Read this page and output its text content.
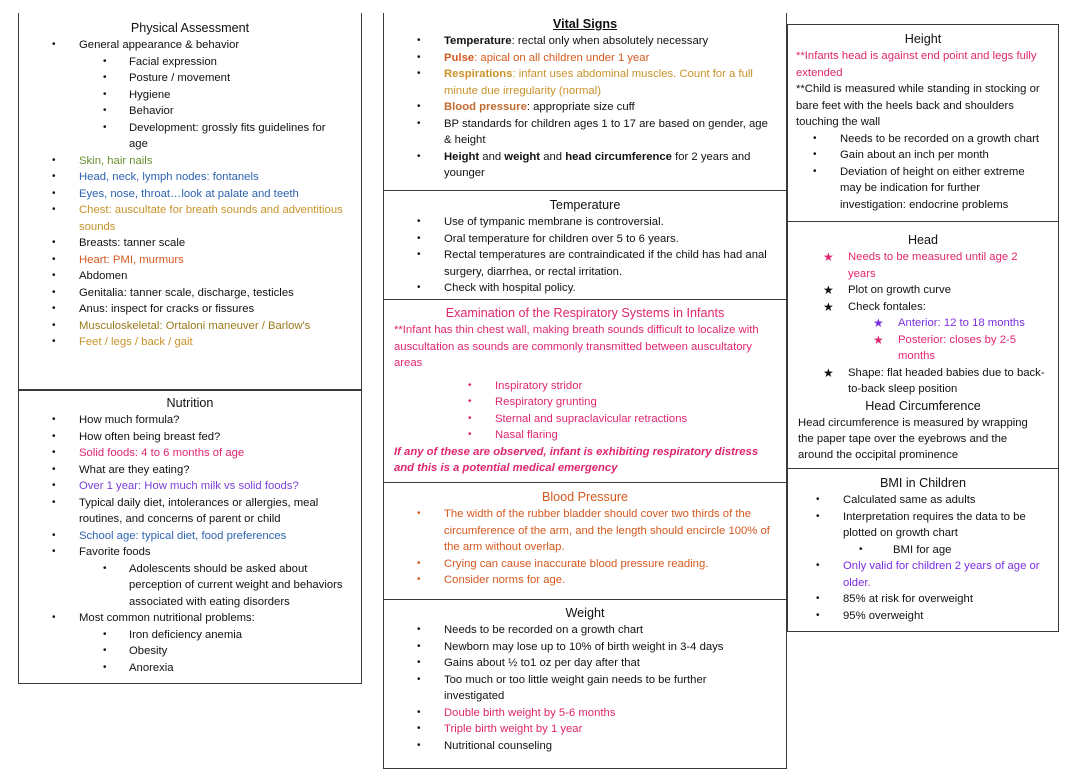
Physical Assessment
• General appearance & behavior
• Facial expression
• Posture / movement
• Hygiene
• Behavior
• Development: grossly fits guidelines for age
• Skin, hair nails
• Head, neck, lymph nodes: fontanels
• Eyes, nose, throat…look at palate and teeth
• Chest: auscultate for breath sounds and adventitious sounds
• Breasts: tanner scale
• Heart: PMI, murmurs
• Abdomen
• Genitalia: tanner scale, discharge, testicles
• Anus: inspect for cracks or fissures
• Musculoskeletal: Ortaloni maneuver / Barlow's
• Feet / legs / back / gait
Nutrition
• How much formula?
• How often being breast fed?
• Solid foods: 4 to 6 months of age
• What are they eating?
• Over 1 year: How much milk vs solid foods?
• Typical daily diet, intolerances or allergies, meal routines, and concerns of parent or child
• School age: typical diet, food preferences
• Favorite foods
• Adolescents should be asked about perception of current weight and behaviors associated with eating disorders
• Most common nutritional problems:
• Iron deficiency anemia
• Obesity
• Anorexia
Vital Signs
• Temperature: rectal only when absolutely necessary
• Pulse: apical on all children under 1 year
• Respirations: infant uses abdominal muscles. Count for a full minute due irregularity (normal)
• Blood pressure: appropriate size cuff
• BP standards for children ages 1 to 17 are based on gender, age & height
• Height and weight and head circumference for 2 years and younger
Temperature
• Use of tympanic membrane is controversial.
• Oral temperature for children over 5 to 6 years.
• Rectal temperatures are contraindicated if the child has had anal surgery, diarrhea, or rectal irritation.
• Check with hospital policy.
Examination of the Respiratory Systems in Infants
**Infant has thin chest wall, making breath sounds difficult to localize with auscultation as sounds are commonly transmitted between auscultatory areas
• Inspiratory stridor
• Respiratory grunting
• Sternal and supraclavicular retractions
• Nasal flaring
If any of these are observed, infant is exhibiting respiratory distress and this is a potential medical emergency
Blood Pressure
• The width of the rubber bladder should cover two thirds of the circumference of the arm, and the length should encircle 100% of the arm without overlap.
• Crying can cause inaccurate blood pressure reading.
• Consider norms for age.
Weight
• Needs to be recorded on a growth chart
• Newborn may lose up to 10% of birth weight in 3-4 days
• Gains about ½ to1 oz per day after that
• Too much or too little weight gain needs to be further investigated
• Double birth weight by 5-6 months
• Triple birth weight by 1 year
• Nutritional counseling
Height
**Infants head is against end point and legs fully extended
**Child is measured while standing in stocking or bare feet with the heels back and shoulders touching the wall
• Needs to be recorded on a growth chart
• Gain about an inch per month
• Deviation of height on either extreme may be indication for further investigation: endocrine problems
Head
★ Needs to be measured until age 2 years
★ Plot on growth curve
★ Check fontales:
★ Anterior: 12 to 18 months
★ Posterior: closes by 2-5 months
★ Shape: flat headed babies due to back-to-back sleep position
Head Circumference
Head circumference is measured by wrapping the paper tape over the eyebrows and the around the occipital prominence
BMI in Children
• Calculated same as adults
• Interpretation requires the data to be plotted on growth chart
• BMI for age
• Only valid for children 2 years of age or older.
• 85% at risk for overweight
• 95% overweight
